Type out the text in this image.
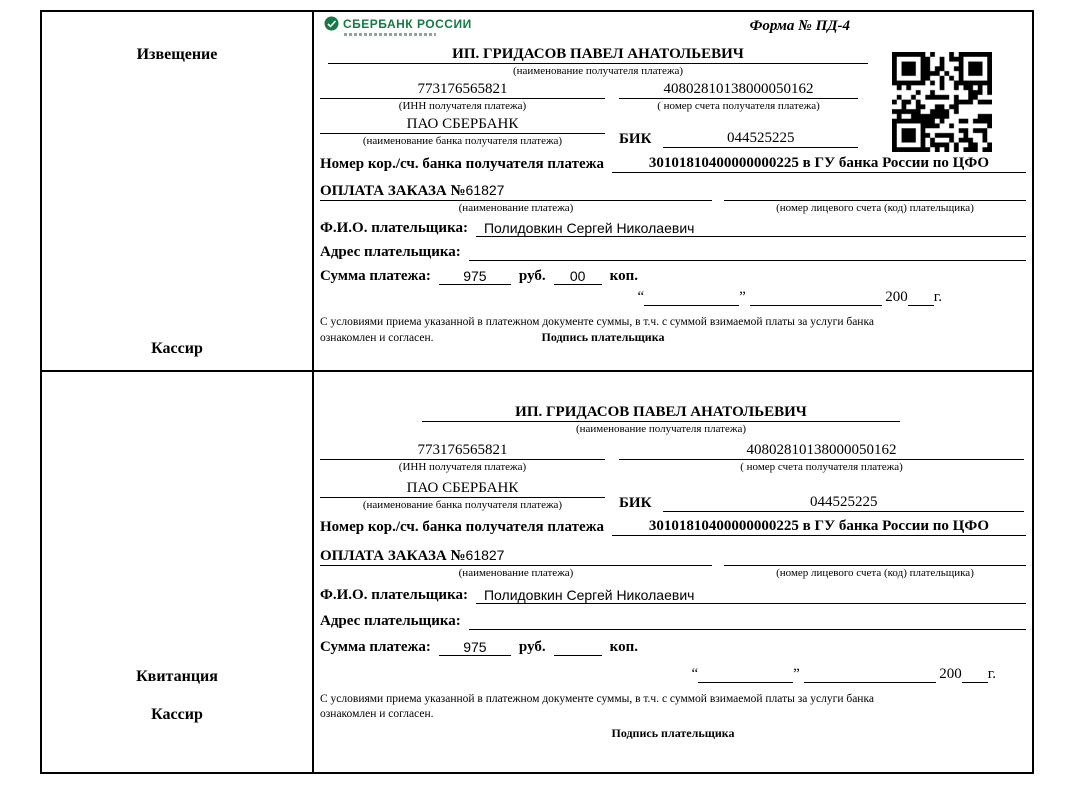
Извещение
Кассир
СБЕРБАНК РОССИИ	Форма № ПД-4
ИП. ГРИДАСОВ ПАВЕЛ АНАТОЛЬЕВИЧ
(наименование получателя платежа)
773176565821
(ИНН получателя платежа)
40802810138000050162
( номер счета получателя платежа)
ПАО СБЕРБАНК
(наименование банка получателя платежа)	БИК	044525225
Номер кор./сч. банка получателя платежа	30101810400000000225 в ГУ банка России по ЦФО
ОПЛАТА ЗАКАЗА №61827
(наименование платежа)	(номер лицевого счета (код) плательщика)
Ф.И.О. плательщика:	Полидовкин Сергей Николаевич
Адрес плательщика:
Сумма платежа:	975	руб.	00	коп.
“	”	200 г.
С условиями приема указанной в платежном документе суммы, в т.ч. с суммой взимаемой платы за услуги банка
ознакомлен и согласен.	Подпись плательщика
Квитанция
Кассир
ИП. ГРИДАСОВ ПАВЕЛ АНАТОЛЬЕВИЧ
(наименование получателя платежа)
773176565821
(ИНН получателя платежа)
40802810138000050162
( номер счета получателя платежа)
ПАО СБЕРБАНК
(наименование банка получателя платежа)	БИК	044525225
Номер кор./сч. банка получателя платежа	30101810400000000225 в ГУ банка России по ЦФО
ОПЛАТА ЗАКАЗА №61827
(наименование платежа)	(номер лицевого счета (код) плательщика)
Ф.И.О. плательщика:	Полидовкин Сергей Николаевич
Адрес плательщика:
Сумма платежа:	975	руб.	коп.
“	”	200 г.
С условиями приема указанной в платежном документе суммы, в т.ч. с суммой взимаемой платы за услуги банка
ознакомлен и согласен.
Подпись плательщика
